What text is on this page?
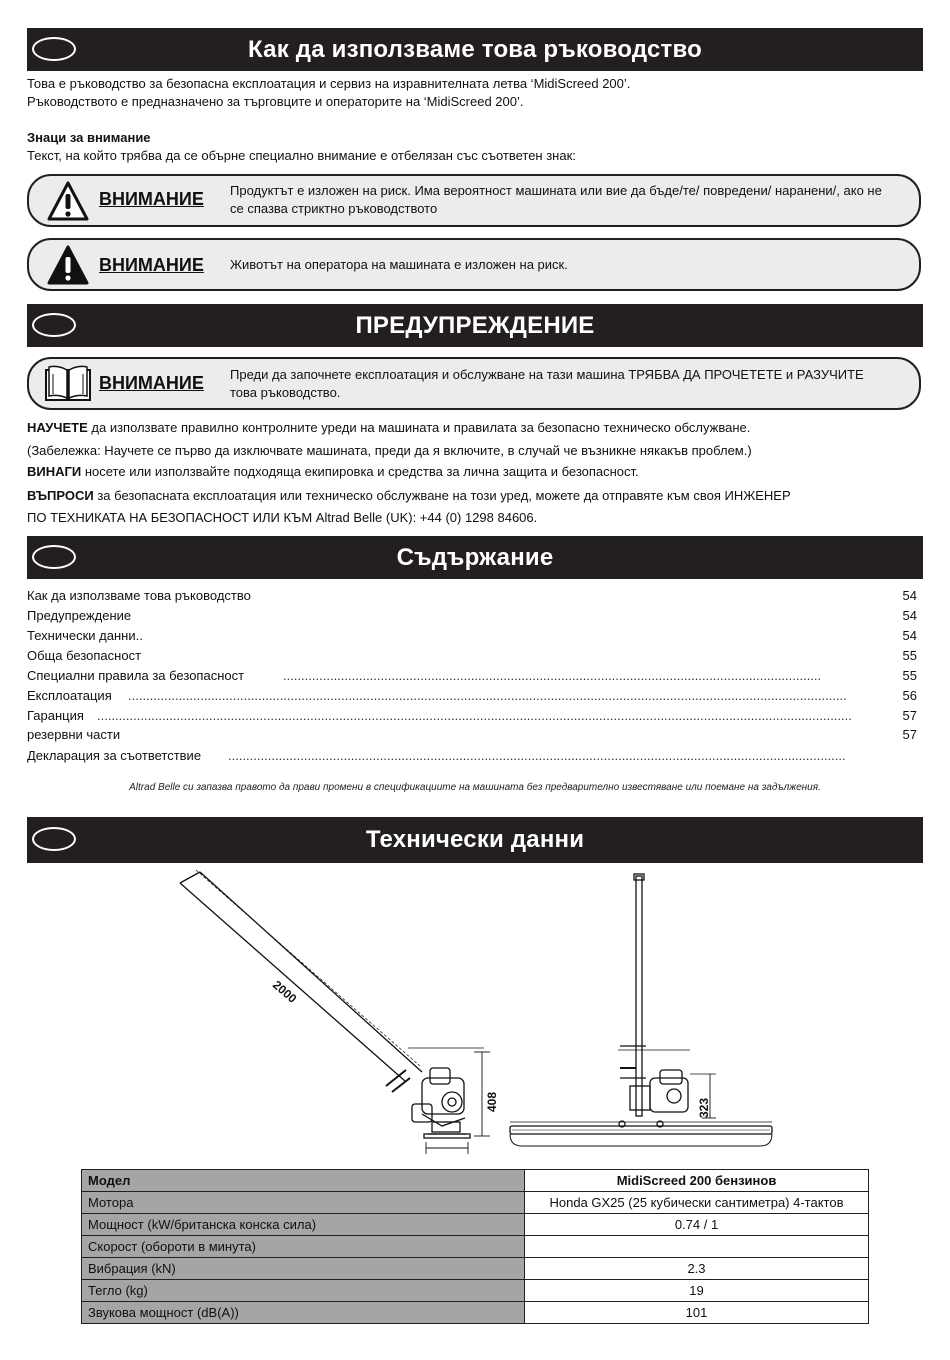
Как да използваме това ръководство
Това е ръководство за безопасна експлоатация и сервиз на изравнителната летва ‘MidiScreed 200’.
Ръководството е предназначено за търговците и операторите на ‘MidiScreed 200’.
Знаци за внимание
Текст, на който трябва да се обърне специално внимание е отбелязан със съответен знак:
ВНИМАНИЕ Продуктът е изложен на риск. Има вероятност машината или вие да бъде/те/ повредени/ наранени/, ако не се спазва стриктно ръководството
ВНИМАНИЕ Животът на оператора на машината е изложен на риск.
ПРЕДУПРЕЖДЕНИЕ
ВНИМАНИЕ Преди да започнете експлоатация и обслужване на тази машина ТРЯБВА ДА ПРОЧЕТЕТЕ и РАЗУЧИТЕ това ръководство.
НАУЧЕТЕ да използвате правилно контролните уреди на машината и правилата за безопасно техническо обслужване.
(Забележка: Научете се първо да изключвате машината, преди да я включите, в случай че възникне някакъв проблем.)
ВИНАГИ носете или използвайте подходяща екипировка и средства за лична защита и безопасност.
ВЪПРОСИ за безопасната експлоатация или техническо обслужване на този уред, можете да отправяте към своя ИНЖЕНЕР
ПО ТЕХНИКАТА НА БЕЗОПАСНОСТ ИЛИ КЪМ Altrad Belle (UK): +44 (0) 1298 84606.
Съдържание
Как да използваме това ръководство	54
Предупреждение	54
Технически данни..	54
Обща безопасност	55
Специални правила за безопасност	.....................................................................................................................................................	55
Експлоатация .......................................................................................................................................................................................................	56
Гаранция .................................................................................................................................................................................................................	57
резервни части	57
Декларация за съответствие ...........................................................................................................................................................................
Altrad Belle си запазва правото да прави промени в спецификациите на машината без предварително известяване или поемане на задължения.
Технически данни
2000
408	323
Модел	MidiScreed 200 бензинов
Мотора	Honda GX25 (25 кубически сантиметра) 4-тактов
Мощност (kW/британска конска сила)	0.74 / 1
Скорост (обороти в минута)	
Вибрация (kN)	2.3
Тегло (kg)	19
Звукова мощност (dB(A))	101
